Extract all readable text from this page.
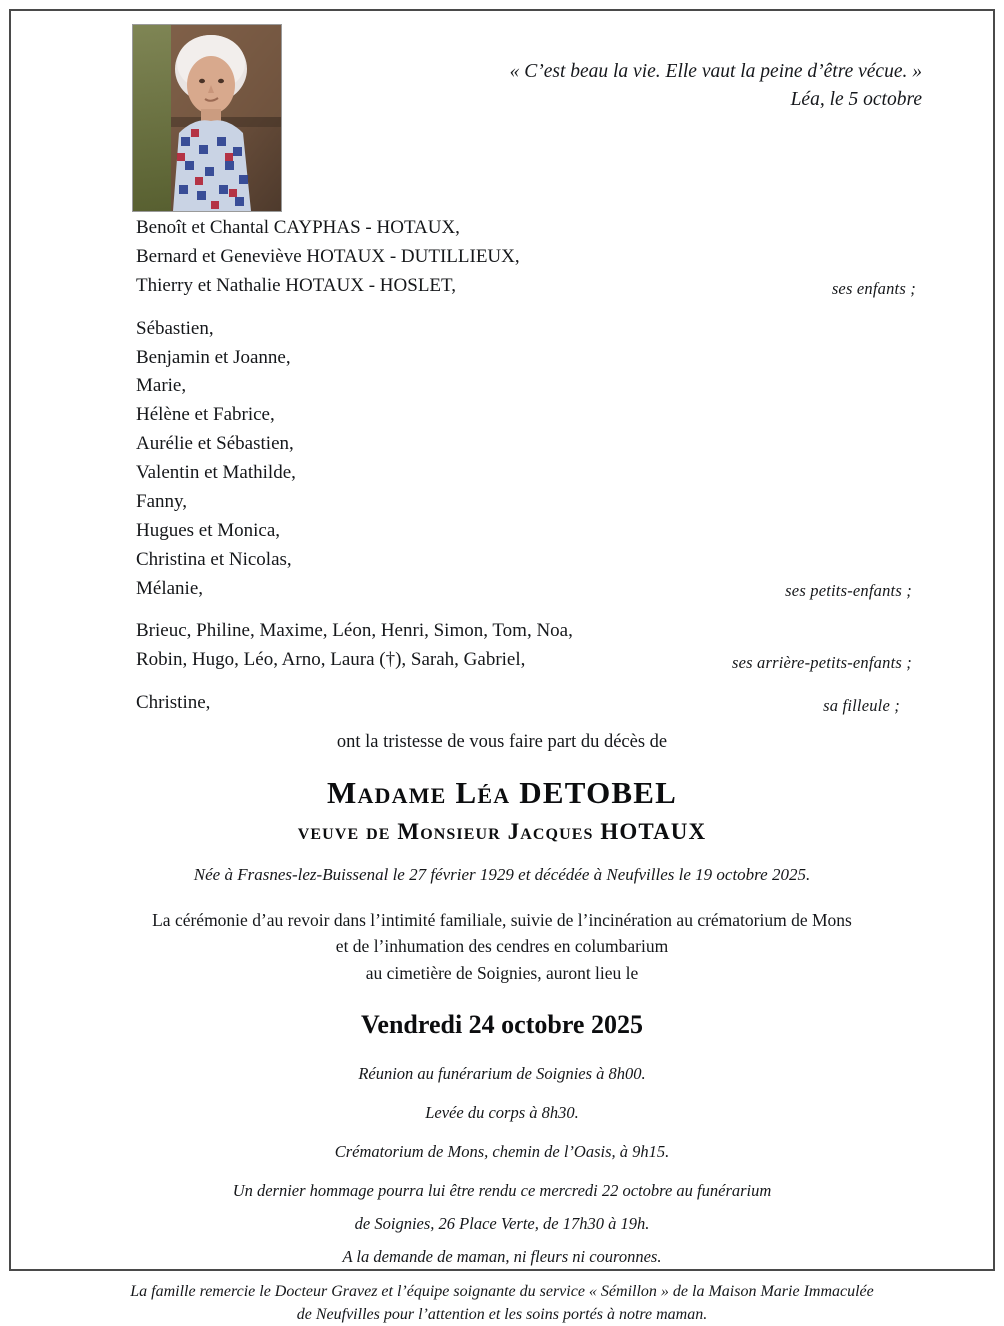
« C’est beau la vie. Elle vaut la peine d’être vécue. »
Léa, le 5 octobre
Benoît et Chantal CAYPHAS - HOTAUX,
Bernard et Geneviève HOTAUX - DUTILLIEUX,
Thierry et Nathalie HOTAUX - HOSLET,	ses enfants ;
Sébastien,
Benjamin et Joanne,
Marie,
Hélène et Fabrice,
Aurélie et Sébastien,
Valentin et Mathilde,
Fanny,
Hugues et Monica,
Christina et Nicolas,
Mélanie,	ses petits-enfants ;
Brieuc, Philine, Maxime, Léon, Henri, Simon, Tom, Noa,
Robin, Hugo, Léo, Arno, Laura (†), Sarah, Gabriel,	ses arrière-petits-enfants ;
Christine,	sa filleule ;
ont la tristesse de vous faire part du décès de
Madame Léa DETOBEL
veuve de Monsieur Jacques HOTAUX
Née à Frasnes-lez-Buissenal le 27 février 1929 et décédée à Neufvilles le 19 octobre 2025.
La cérémonie d’au revoir dans l’intimité familiale, suivie de l’incinération au crématorium de Mons
et de l’inhumation des cendres en columbarium
au cimetière de Soignies, auront lieu le
Vendredi 24 octobre 2025
Réunion au funérarium de Soignies à 8h00.
Levée du corps à 8h30.
Crématorium de Mons, chemin de l’Oasis, à 9h15.
Un dernier hommage pourra lui être rendu ce mercredi 22 octobre au funérarium
de Soignies, 26 Place Verte, de 17h30 à 19h.
A la demande de maman, ni fleurs ni couronnes.
La famille remercie le Docteur Gravez et l’équipe soignante du service « Sémillon » de la Maison Marie Immaculée
de Neufvilles pour l’attention et les soins portés à notre maman.
